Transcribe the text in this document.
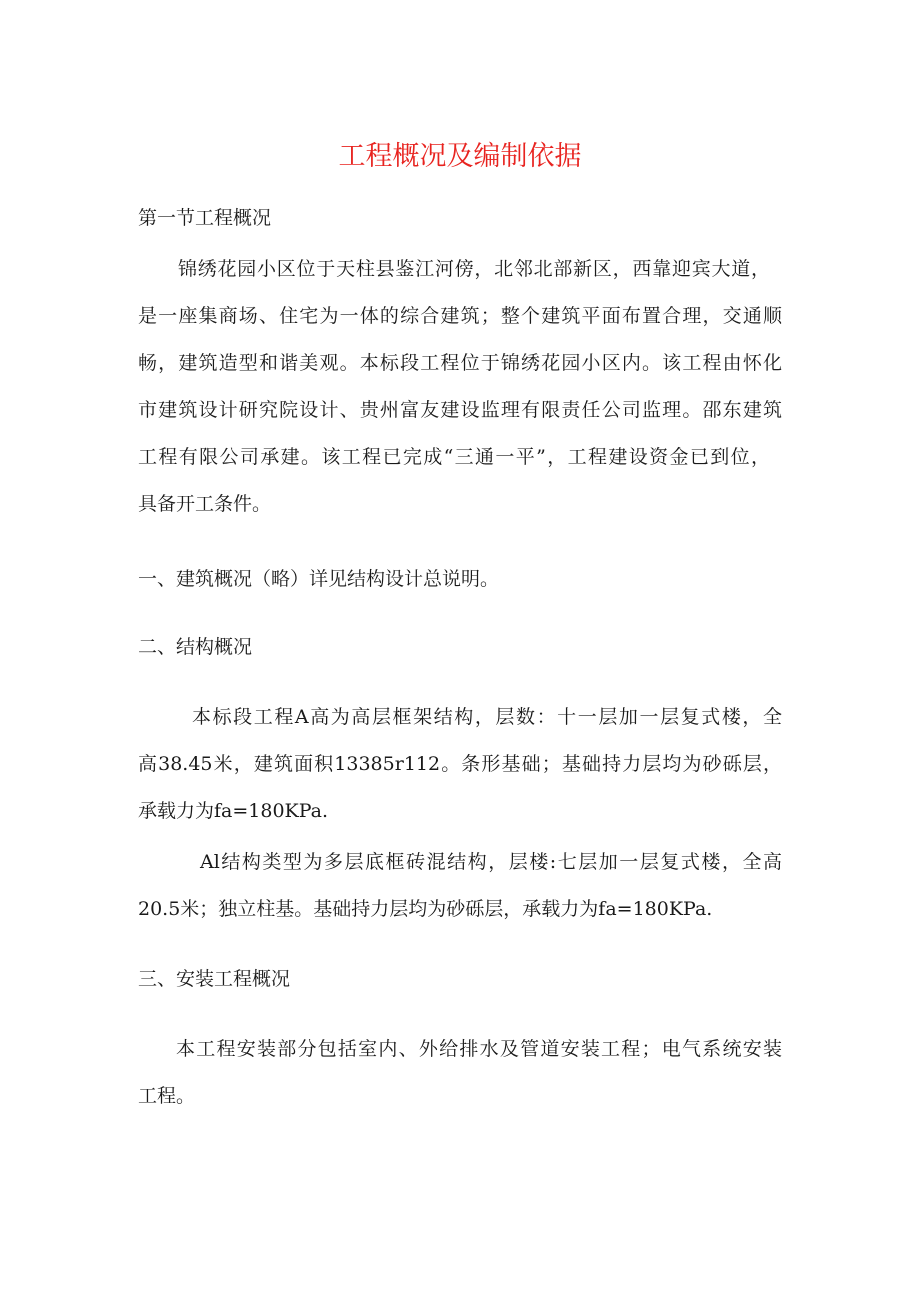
工程概况及编制依据
第一节工程概况
锦绣花园小区位于天柱县鉴江河傍，北邻北部新区，西靠迎宾大道，
是一座集商场、住宅为一体的综合建筑；整个建筑平面布置合理，交通顺
畅，建筑造型和谐美观。本标段工程位于锦绣花园小区内。该工程由怀化
市建筑设计研究院设计、贵州富友建设监理有限责任公司监理。邵东建筑
工程有限公司承建。该工程已完成“三通一平”，工程建设资金已到位，
具备开工条件。
一、建筑概况（略）详见结构设计总说明。
二、结构概况
本标段工程A高为高层框架结构，层数：十一层加一层复式楼，全
高38.45米，建筑面积13385r112。条形基础；基础持力层均为砂砾层，
承载力为fa=180KPa.
Al结构类型为多层底框砖混结构，层楼:七层加一层复式楼，全高
20.5米；独立柱基。基础持力层均为砂砾层，承载力为fa=180KPa.
三、安装工程概况
本工程安装部分包括室内、外给排水及管道安装工程；电气系统安装
工程。
